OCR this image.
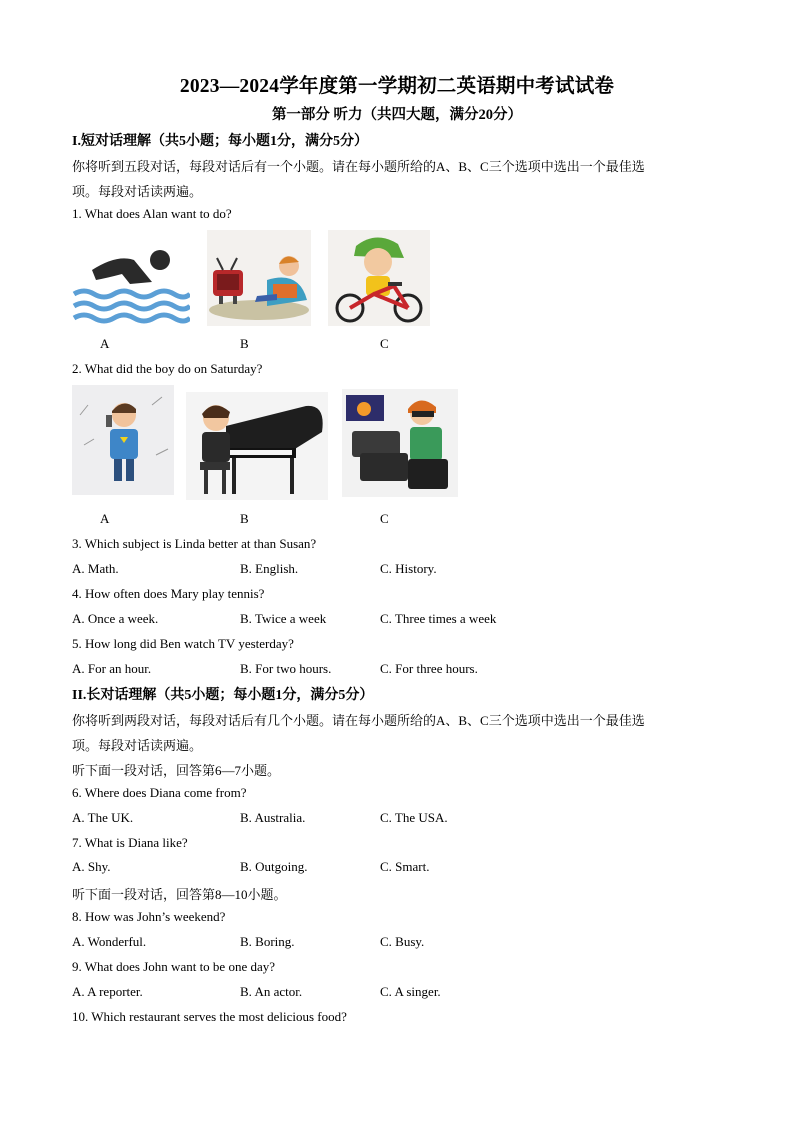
2023—2024学年度第一学期初二英语期中考试试卷
第一部分 听力（共四大题，满分20分）
I.短对话理解（共5小题；每小题1分，满分5分）
你将听到五段对话，每段对话后有一个小题。请在每小题所给的A、B、C三个选项中选出一个最佳选
项。每段对话读两遍。
1. What does Alan want to do?
A	B	C
2. What did the boy do on Saturday?
A	B	C
3. Which subject is Linda better at than Susan?
A. Math.	B. English.	C. History.
4. How often does Mary play tennis?
A. Once a week.	B. Twice a week	C. Three times a week
5. How long did Ben watch TV yesterday?
A. For an hour.	B. For two hours.	C. For three hours.
II.长对话理解（共5小题；每小题1分，满分5分）
你将听到两段对话，每段对话后有几个小题。请在每小题所给的A、B、C三个选项中选出一个最佳选
项。每段对话读两遍。
听下面一段对话，回答第6—7小题。
6. Where does Diana come from?
A. The UK.	B. Australia.	C. The USA.
7. What is Diana like?
A. Shy.	B. Outgoing.	C. Smart.
听下面一段对话，回答第8—10小题。
8. How was John’s weekend?
A. Wonderful.	B. Boring.	C. Busy.
9. What does John want to be one day?
A. A reporter.	B. An actor.	C. A singer.
10. Which restaurant serves the most delicious food?
